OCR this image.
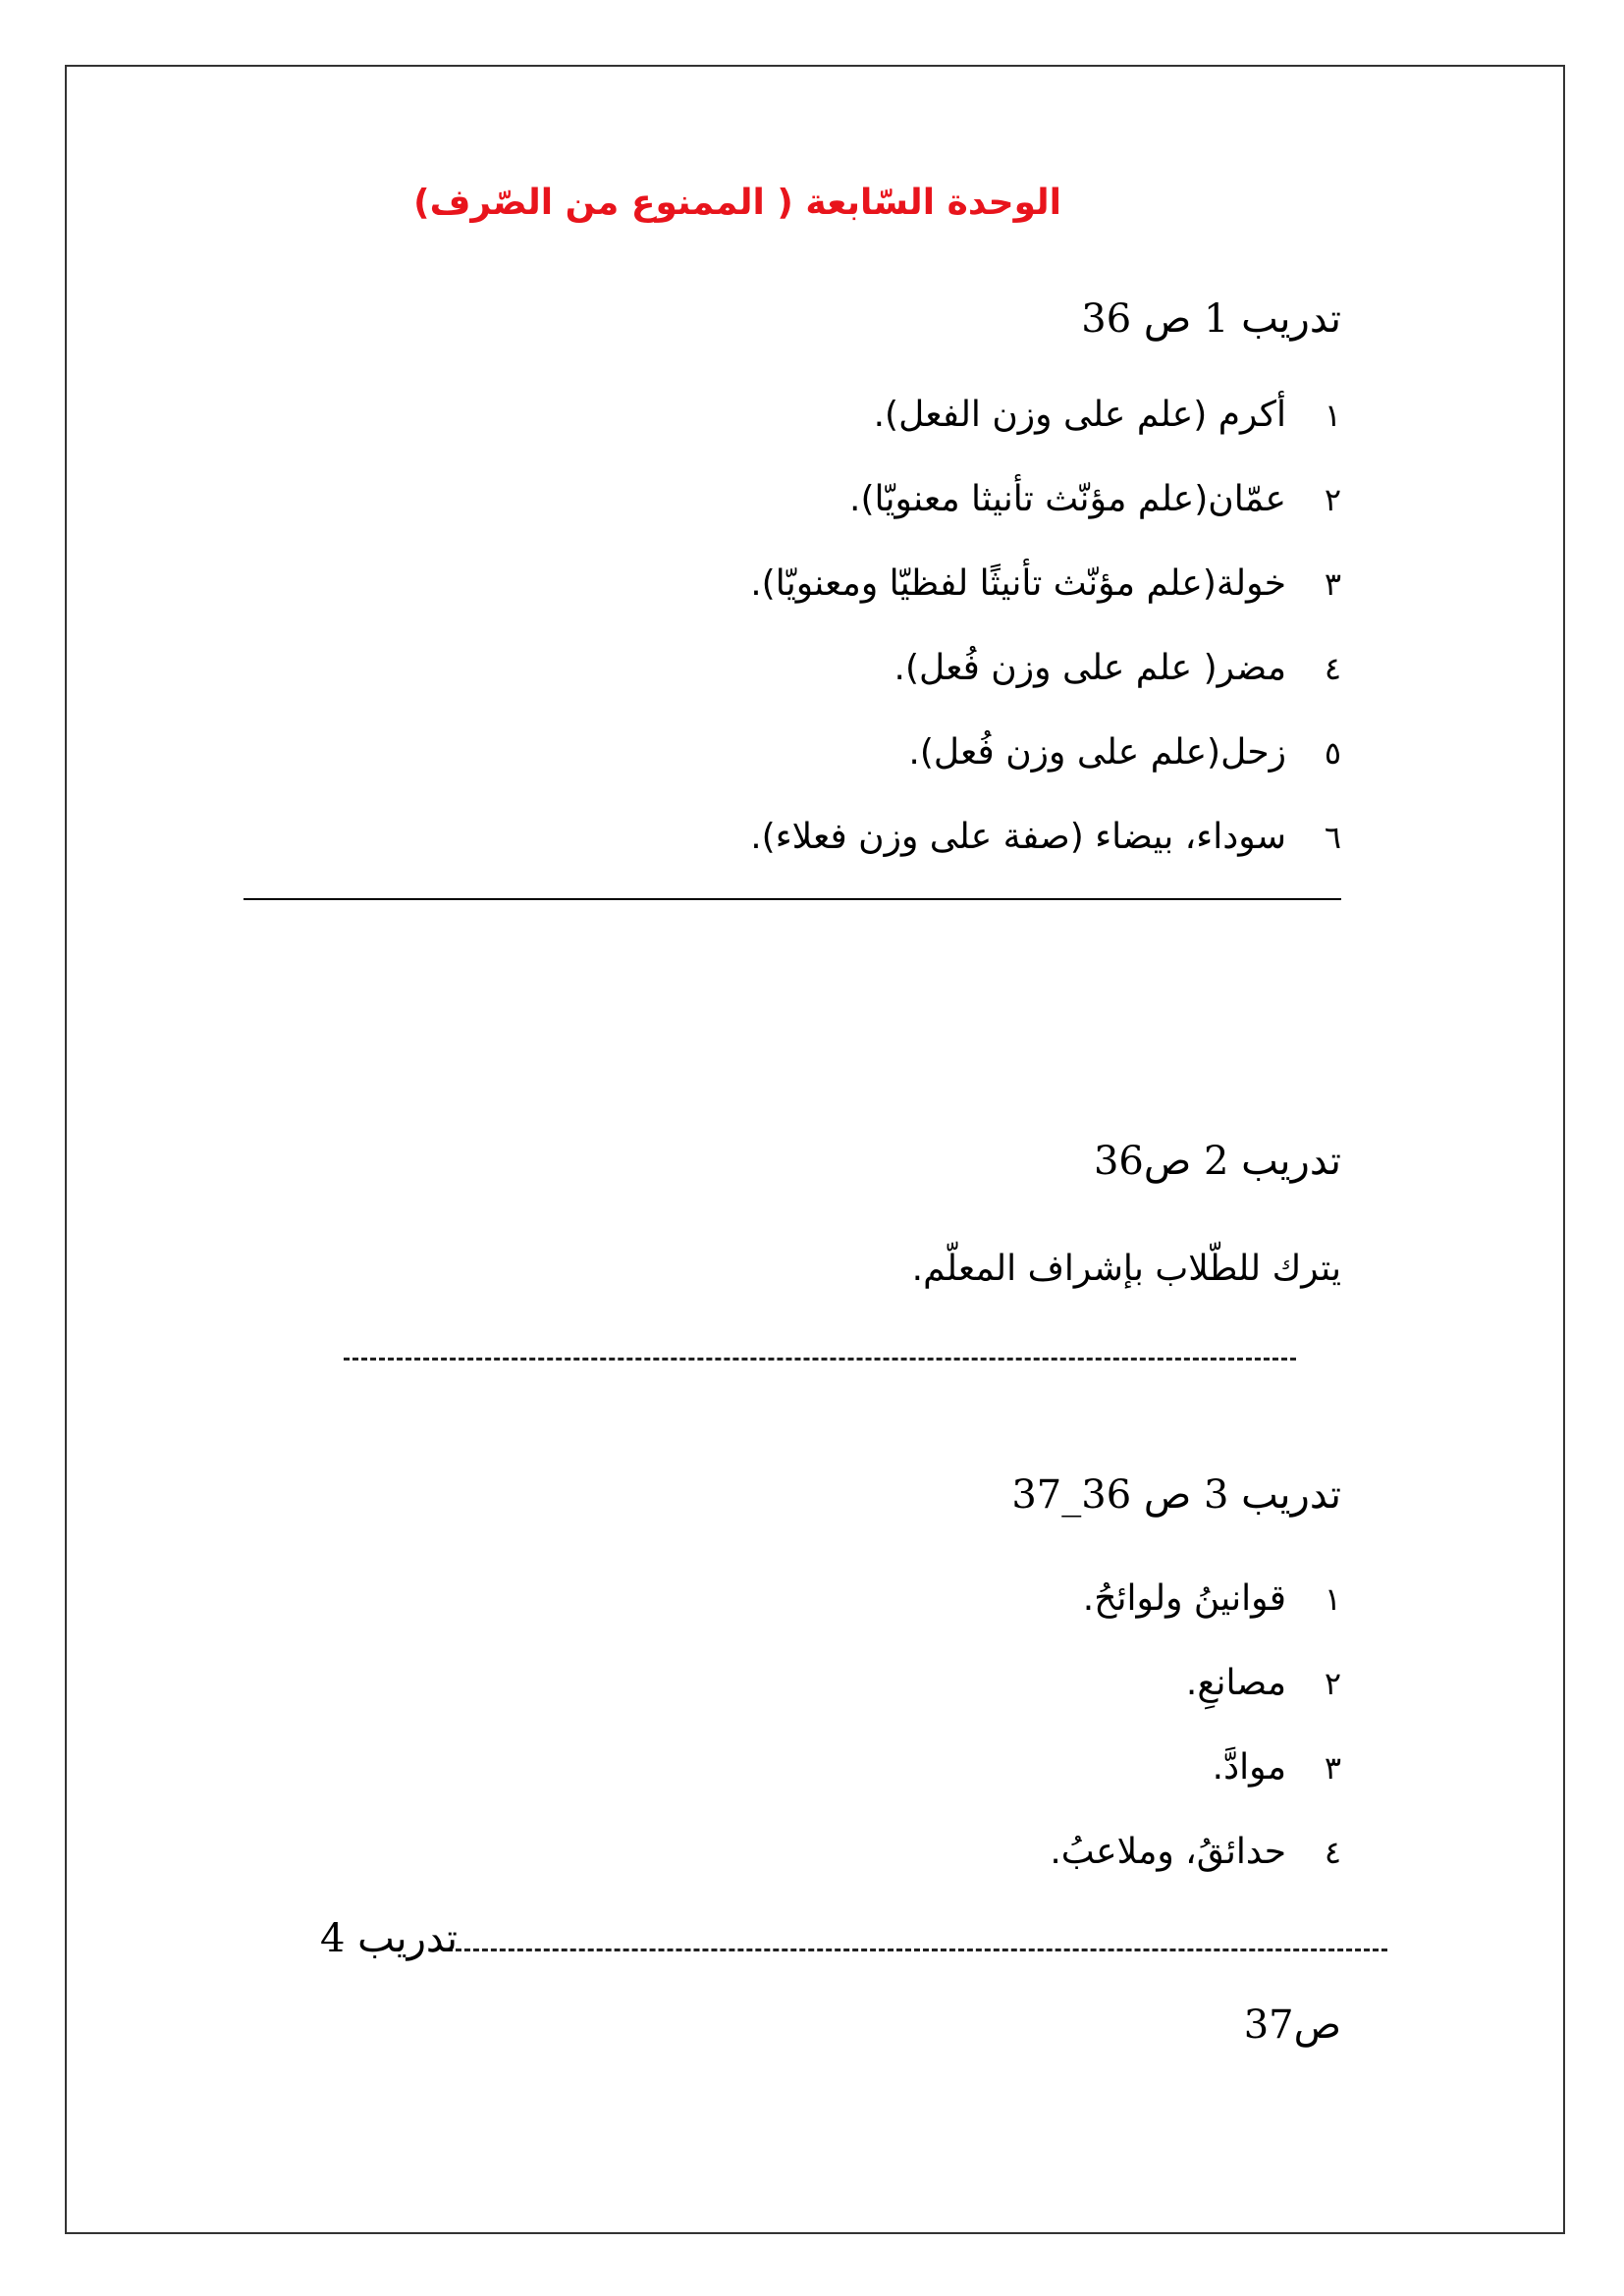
الوحدة السّابعة ( الممنوع من الصّرف)
تدريب 1 ص 36
١
أكرم (علم على وزن الفعل).
٢
عمّان(علم مؤنّث تأنيثا معنويّا).
٣
خولة(علم مؤنّث تأنيثًا لفظيّا ومعنويّا).
٤
مضر( علم على وزن فُعل).
٥
زحل(علم على وزن فُعل).
٦
سوداء، بيضاء (صفة على وزن فعلاء).
تدريب 2 ص36
يترك للطّلاب بإشراف المعلّم.
تدريب 3 ص 36_37
١
قوانينُ ولوائحُ.
٢
مصانعِ.
٣
موادَّ.
٤
حدائقُ، وملاعبُ.
تدريب 4
ص37
